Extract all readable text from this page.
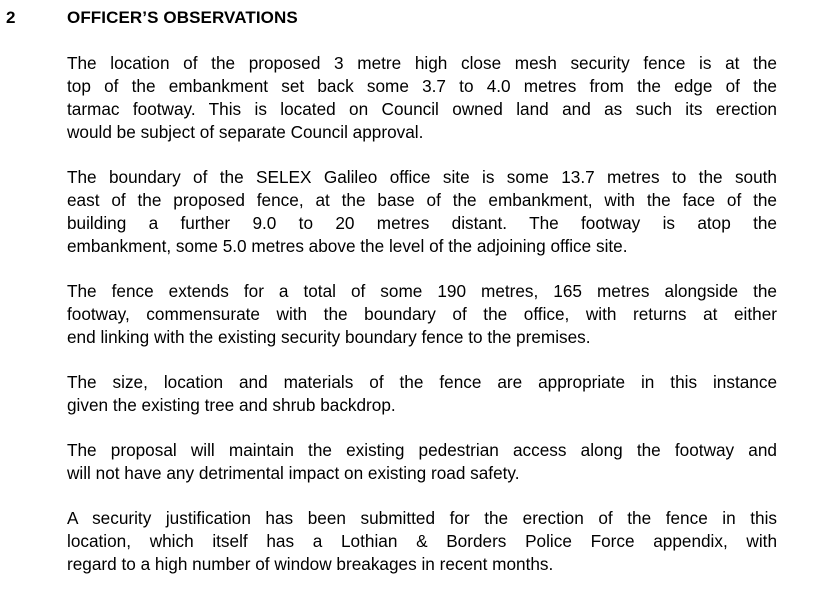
2	OFFICER’S OBSERVATIONS

The location of the proposed 3 metre high close mesh security fence is at the
top of the embankment set back some 3.7 to 4.0 metres from the edge of the
tarmac footway. This is located on Council owned land and as such its erection
would be subject of separate Council approval.

The boundary of the SELEX Galileo office site is some 13.7 metres to the south
east of the proposed fence, at the base of the embankment, with the face of the
building a further 9.0 to 20 metres distant. The footway is atop the
embankment, some 5.0 metres above the level of the adjoining office site.

The fence extends for a total of some 190 metres, 165 metres alongside the
footway, commensurate with the boundary of the office, with returns at either
end linking with the existing security boundary fence to the premises.

The size, location and materials of the fence are appropriate in this instance
given the existing tree and shrub backdrop.

The proposal will maintain the existing pedestrian access along the footway and
will not have any detrimental impact on existing road safety.

A security justification has been submitted for the erection of the fence in this
location, which itself has a Lothian & Borders Police Force appendix, with
regard to a high number of window breakages in recent months.
